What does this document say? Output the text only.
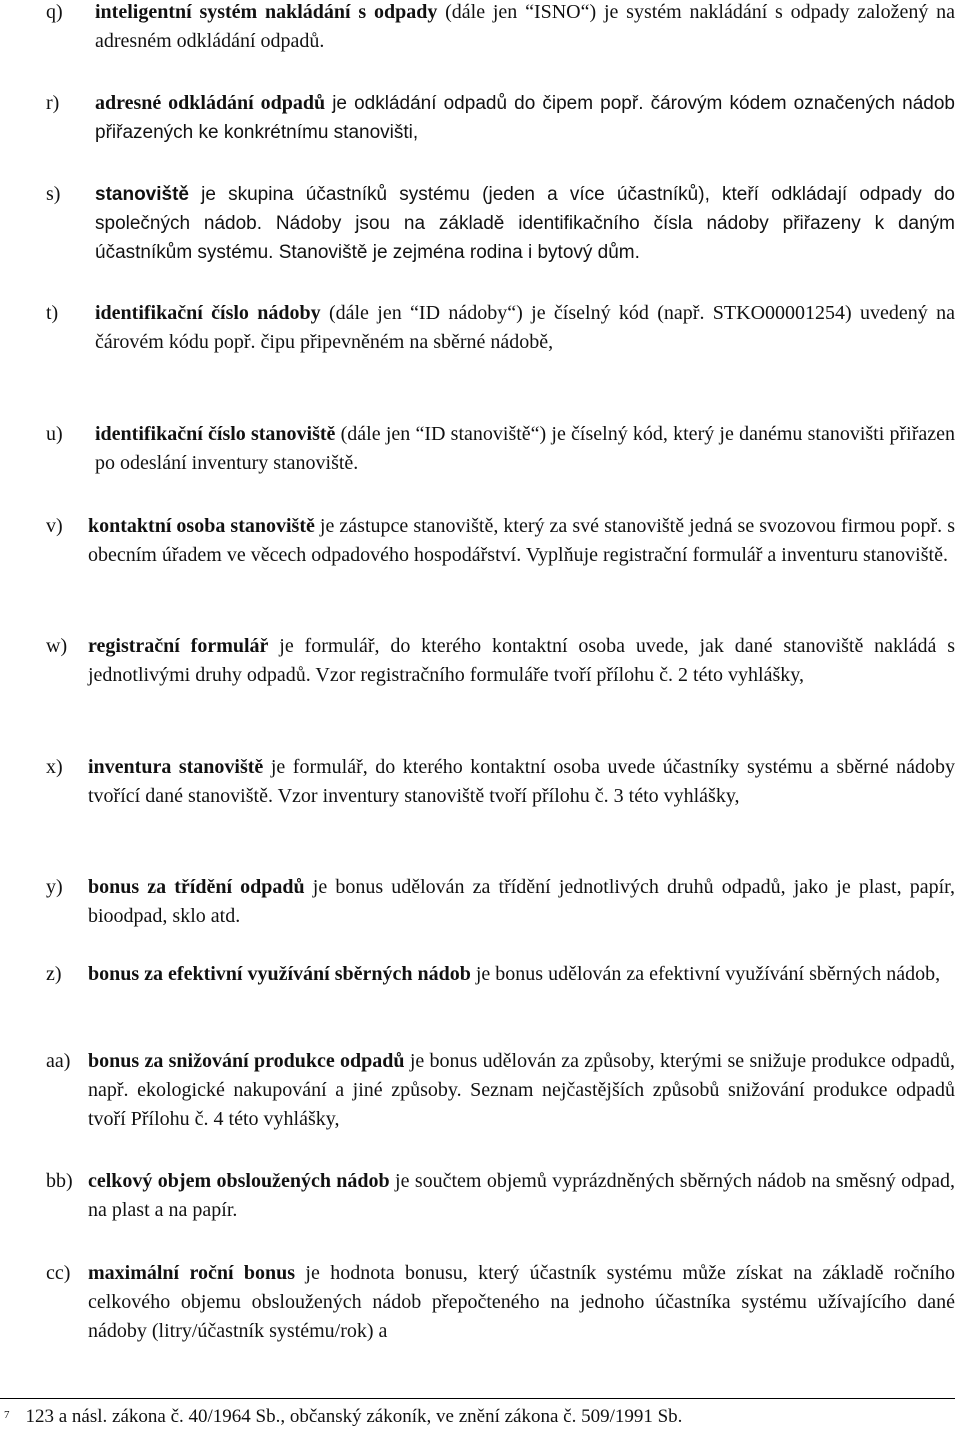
q) inteligentní systém nakládání s odpady (dále jen “ISNO“) je systém nakládání s odpady založený na adresném odkládání odpadů.
r) adresné odkládání odpadů je odkládání odpadů do čipem popř. čárovým kódem označených nádob přiřazených ke konkrétnímu stanovišti,
s) stanoviště je skupina účastníků systému (jeden a více účastníků), kteří odkládají odpady do společných nádob. Nádoby jsou na základě identifikačního čísla nádoby přiřazeny k daným účastníkům systému. Stanoviště je zejména rodina i bytový dům.
t) identifikační číslo nádoby (dále jen “ID nádoby“) je číselný kód (např. STKO00001254) uvedený na čárovém kódu popř. čipu připevněném na sběrné nádobě,
u) identifikační číslo stanoviště (dále jen “ID stanoviště“) je číselný kód, který je danému stanovišti přiřazen po odeslání inventury stanoviště.
v) kontaktní osoba stanoviště je zástupce stanoviště, který za své stanoviště jedná se svozovou firmou popř. s obecním úřadem ve věcech odpadového hospodářství. Vyplňuje registrační formulář a inventuru stanoviště.
w) registrační formulář je formulář, do kterého kontaktní osoba uvede, jak dané stanoviště nakládá s jednotlivými druhy odpadů. Vzor registračního formuláře tvoří přílohu č. 2 této vyhlášky,
x) inventura stanoviště je formulář, do kterého kontaktní osoba uvede účastníky systému a sběrné nádoby tvořící dané stanoviště. Vzor inventury stanoviště tvoří přílohu č. 3 této vyhlášky,
y) bonus za třídění odpadů je bonus udělován za třídění jednotlivých druhů odpadů, jako je plast, papír, bioodpad, sklo atd.
z) bonus za efektivní využívání sběrných nádob je bonus udělován za efektivní využívání sběrných nádob,
aa) bonus za snižování produkce odpadů je bonus udělován za způsoby, kterými se snižuje produkce odpadů, např. ekologické nakupování a jiné způsoby. Seznam nejčastějších způsobů snižování produkce odpadů tvoří Přílohu č. 4 této vyhlášky,
bb) celkový objem obsloužených nádob je součtem objemů vyprázdněných sběrných nádob na směsný odpad, na plast a na papír.
cc) maximální roční bonus je hodnota bonusu, který účastník systému může získat na základě ročního celkového objemu obsloužených nádob přepočteného na jednoho účastníka systému užívajícího dané nádoby (litry/účastník systému/rok) a
$^7$ 123 a násl. zákona č. 40/1964 Sb., občanský zákoník, ve znění zákona č. 509/1991 Sb.
